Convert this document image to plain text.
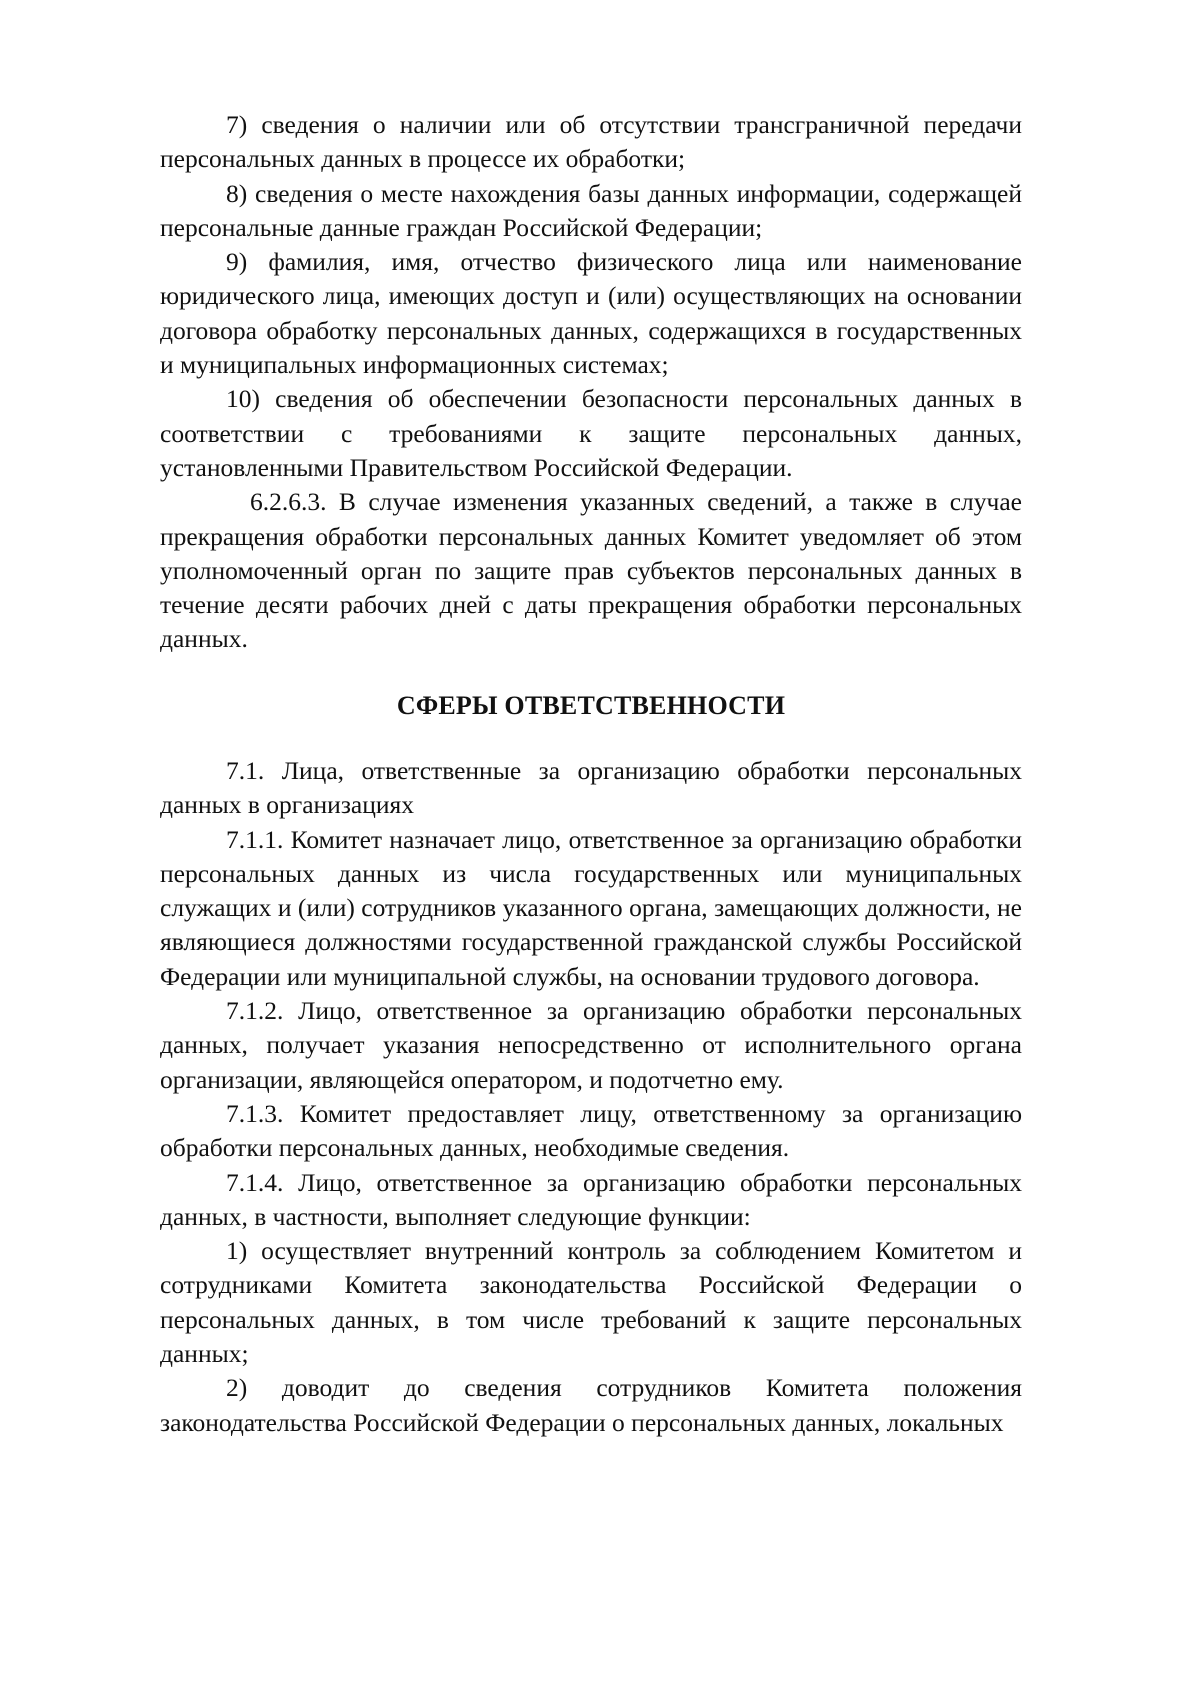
7) сведения о наличии или об отсутствии трансграничной передачи персональных данных в процессе их обработки;

8) сведения о месте нахождения базы данных информации, содержащей персональные данные граждан Российской Федерации;

9) фамилия, имя, отчество физического лица или наименование юридического лица, имеющих доступ и (или) осуществляющих на основании договора обработку персональных данных, содержащихся в государственных и муниципальных информационных системах;

10) сведения об обеспечении безопасности персональных данных в соответствии с требованиями к защите персональных данных, установленными Правительством Российской Федерации.

6.2.6.3. В случае изменения указанных сведений, а также в случае прекращения обработки персональных данных Комитет уведомляет об этом уполномоченный орган по защите прав субъектов персональных данных в течение десяти рабочих дней с даты прекращения обработки персональных данных.

СФЕРЫ ОТВЕТСТВЕННОСТИ

7.1. Лица, ответственные за организацию обработки персональных данных в организациях

7.1.1. Комитет назначает лицо, ответственное за организацию обработки персональных данных из числа государственных или муниципальных служащих и (или) сотрудников указанного органа, замещающих должности, не являющиеся должностями государственной гражданской службы Российской Федерации или муниципальной службы, на основании трудового договора.

7.1.2. Лицо, ответственное за организацию обработки персональных данных, получает указания непосредственно от исполнительного органа организации, являющейся оператором, и подотчетно ему.

7.1.3. Комитет предоставляет лицу, ответственному за организацию обработки персональных данных, необходимые сведения.

7.1.4. Лицо, ответственное за организацию обработки персональных данных, в частности, выполняет следующие функции:

1) осуществляет внутренний контроль за соблюдением Комитетом и сотрудниками Комитета законодательства Российской Федерации о персональных данных, в том числе требований к защите персональных данных;

2) доводит до сведения сотрудников Комитета положения законодательства Российской Федерации о персональных данных, локальных
